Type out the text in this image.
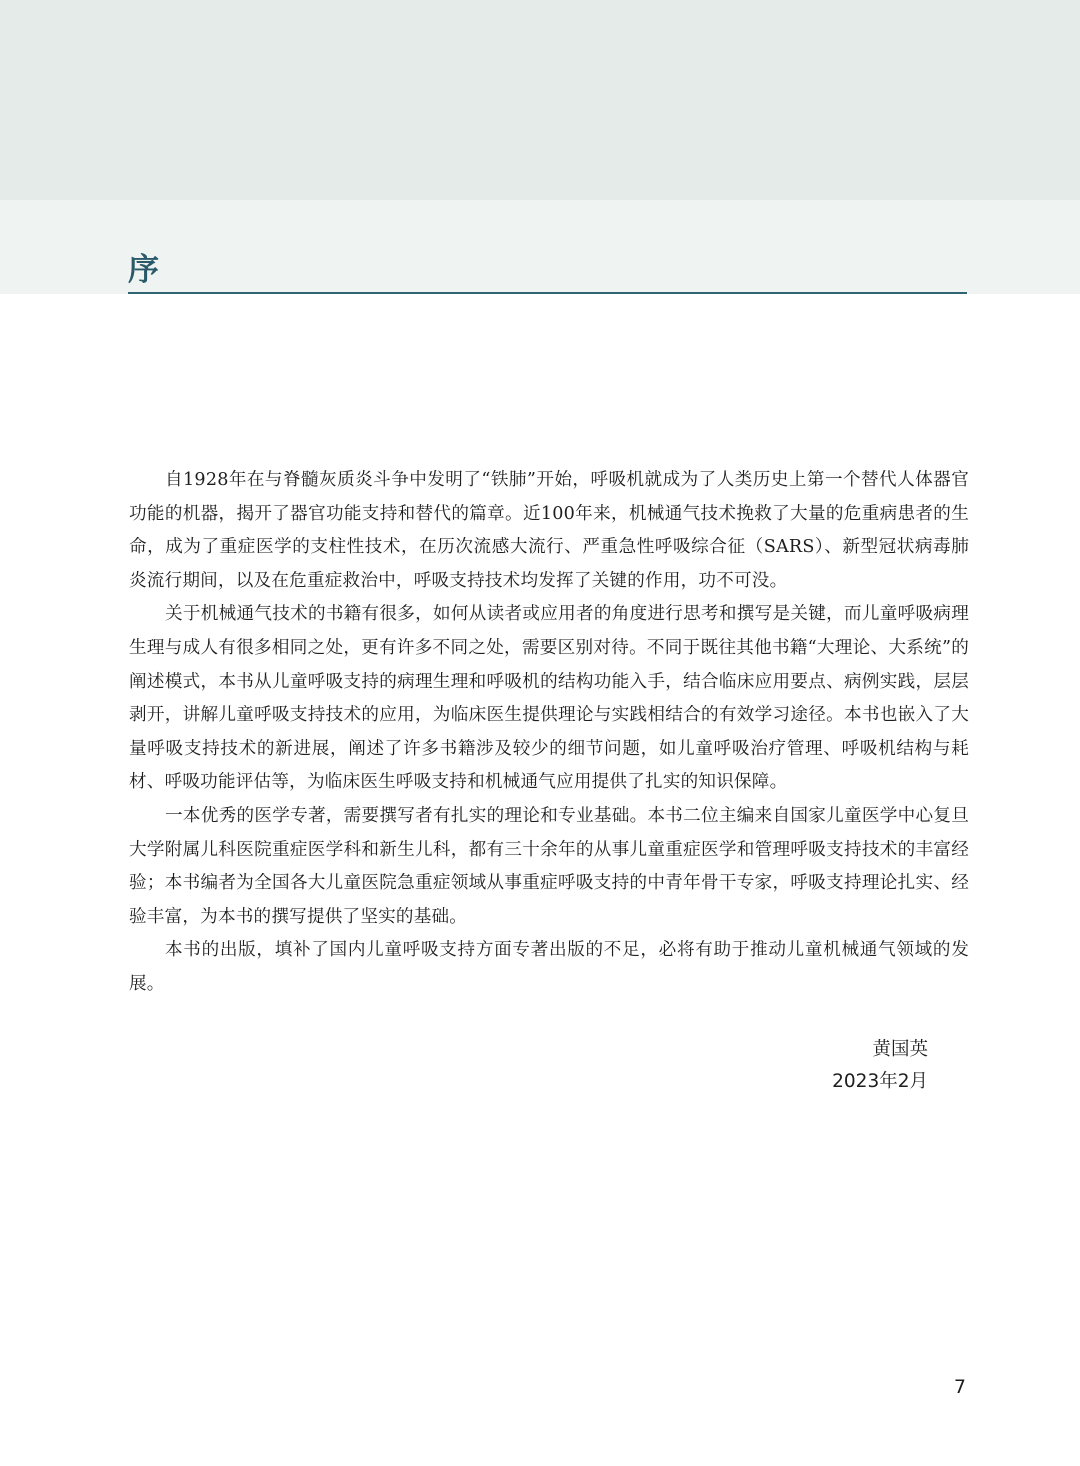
序

自1928年在与脊髓灰质炎斗争中发明了“铁肺”开始，呼吸机就成为了人类历史上第一个替代人体器官功能的机器，揭开了器官功能支持和替代的篇章。近100年来，机械通气技术挽救了大量的危重病患者的生命，成为了重症医学的支柱性技术，在历次流感大流行、严重急性呼吸综合征（SARS）、新型冠状病毒肺炎流行期间，以及在危重症救治中，呼吸支持技术均发挥了关键的作用，功不可没。

关于机械通气技术的书籍有很多，如何从读者或应用者的角度进行思考和撰写是关键，而儿童呼吸病理生理与成人有很多相同之处，更有许多不同之处，需要区别对待。不同于既往其他书籍“大理论、大系统”的阐述模式，本书从儿童呼吸支持的病理生理和呼吸机的结构功能入手，结合临床应用要点、病例实践，层层剥开，讲解儿童呼吸支持技术的应用，为临床医生提供理论与实践相结合的有效学习途径。本书也嵌入了大量呼吸支持技术的新进展，阐述了许多书籍涉及较少的细节问题，如儿童呼吸治疗管理、呼吸机结构与耗材、呼吸功能评估等，为临床医生呼吸支持和机械通气应用提供了扎实的知识保障。

一本优秀的医学专著，需要撰写者有扎实的理论和专业基础。本书二位主编来自国家儿童医学中心复旦大学附属儿科医院重症医学科和新生儿科，都有三十余年的从事儿童重症医学和管理呼吸支持技术的丰富经验；本书编者为全国各大儿童医院急重症领域从事重症呼吸支持的中青年骨干专家，呼吸支持理论扎实、经验丰富，为本书的撰写提供了坚实的基础。

本书的出版，填补了国内儿童呼吸支持方面专著出版的不足，必将有助于推动儿童机械通气领域的发展。

黄国英
2023年2月
7
